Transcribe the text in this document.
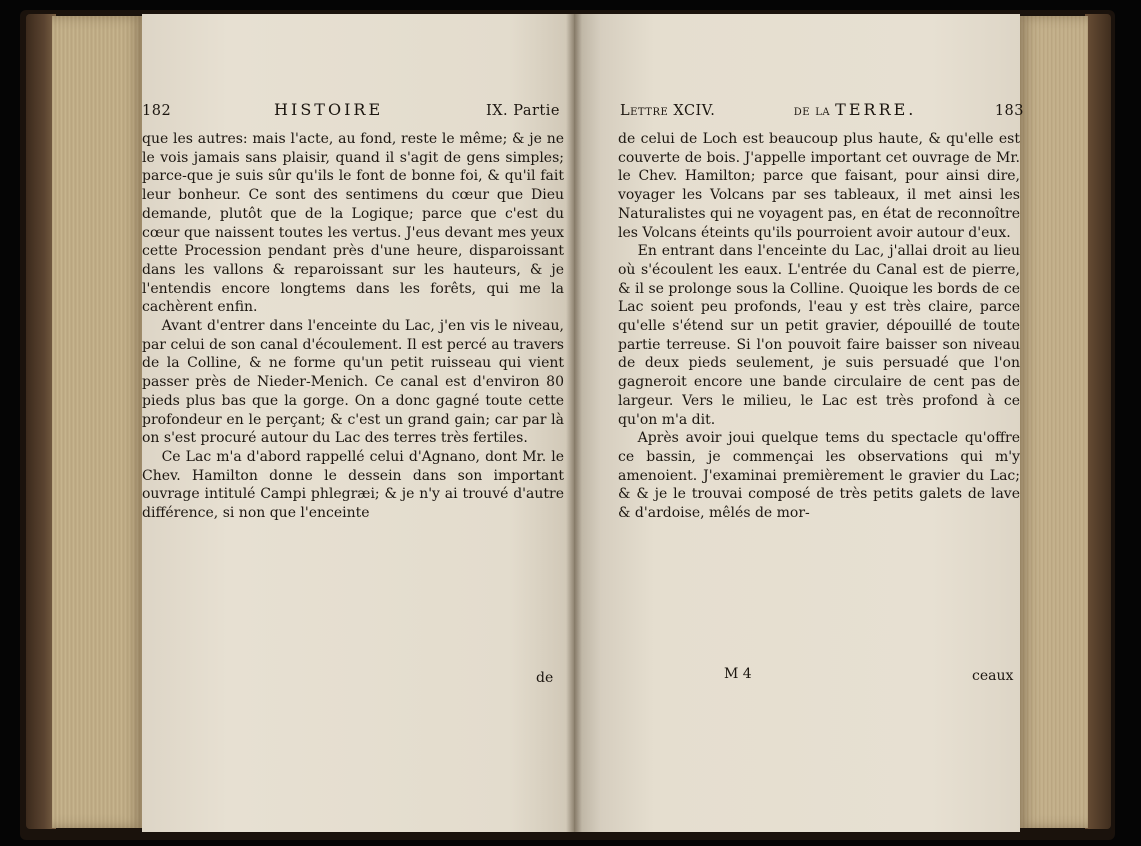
182	HISTOIRE	IX. Partie

que les autres: mais l'acte, au fond, reste le même; & je ne le vois jamais sans plaisir, quand il s'agit de gens simples; parce-que je suis sûr qu'ils le font de bonne foi, & qu'il fait leur bonheur. Ce sont des sentimens du cœur que Dieu demande, plutôt que de la Logique; parce que c'est du cœur que naissent toutes les vertus. J'eus devant mes yeux cette Procession pendant près d'une heure, disparoissant dans les vallons & reparoissant sur les hauteurs, & je l'entendis encore longtems dans les forêts, qui me la cachèrent enfin.

Avant d'entrer dans l'enceinte du Lac, j'en vis le niveau, par celui de son canal d'écoulement. Il est percé au travers de la Colline, & ne forme qu'un petit ruisseau qui vient passer près de Nieder-Menich. Ce canal est d'environ 80 pieds plus bas que la gorge. On a donc gagné toute cette profondeur en le perçant; & c'est un grand gain; car par là on s'est procuré autour du Lac des terres très fertiles.

Ce Lac m'a d'abord rappellé celui d'Agnano, dont Mr. le Chev. Hamilton donne le dessein dans son important ouvrage intitulé Campi phlegræi; & je n'y ai trouvé d'autre différence, si non que l'enceinte

de
Lettre XCIV.	de la TERRE.	183

de celui de Loch est beaucoup plus haute, & qu'elle est couverte de bois. J'appelle important cet ouvrage de Mr. le Chev. Hamilton; parce que faisant, pour ainsi dire, voyager les Volcans par ses tableaux, il met ainsi les Naturalistes qui ne voyagent pas, en état de reconnoître les Volcans éteints qu'ils pourroient avoir autour d'eux.

En entrant dans l'enceinte du Lac, j'allai droit au lieu où s'écoulent les eaux. L'entrée du Canal est de pierre, & il se prolonge sous la Colline. Quoique les bords de ce Lac soient peu profonds, l'eau y est très claire, parce qu'elle s'étend sur un petit gravier, dépouillé de toute partie terreuse. Si l'on pouvoit faire baisser son niveau de deux pieds seulement, je suis persuadé que l'on gagneroit encore une bande circulaire de cent pas de largeur. Vers le milieu, le Lac est très profond à ce qu'on m'a dit.

Après avoir joui quelque tems du spectacle qu'offre ce bassin, je commençai les observations qui m'y amenoient. J'examinai premièrement le gravier du Lac; & & je le trouvai composé de très petits galets de lave & d'ardoise, mêlés de mor-

M 4	ceaux
